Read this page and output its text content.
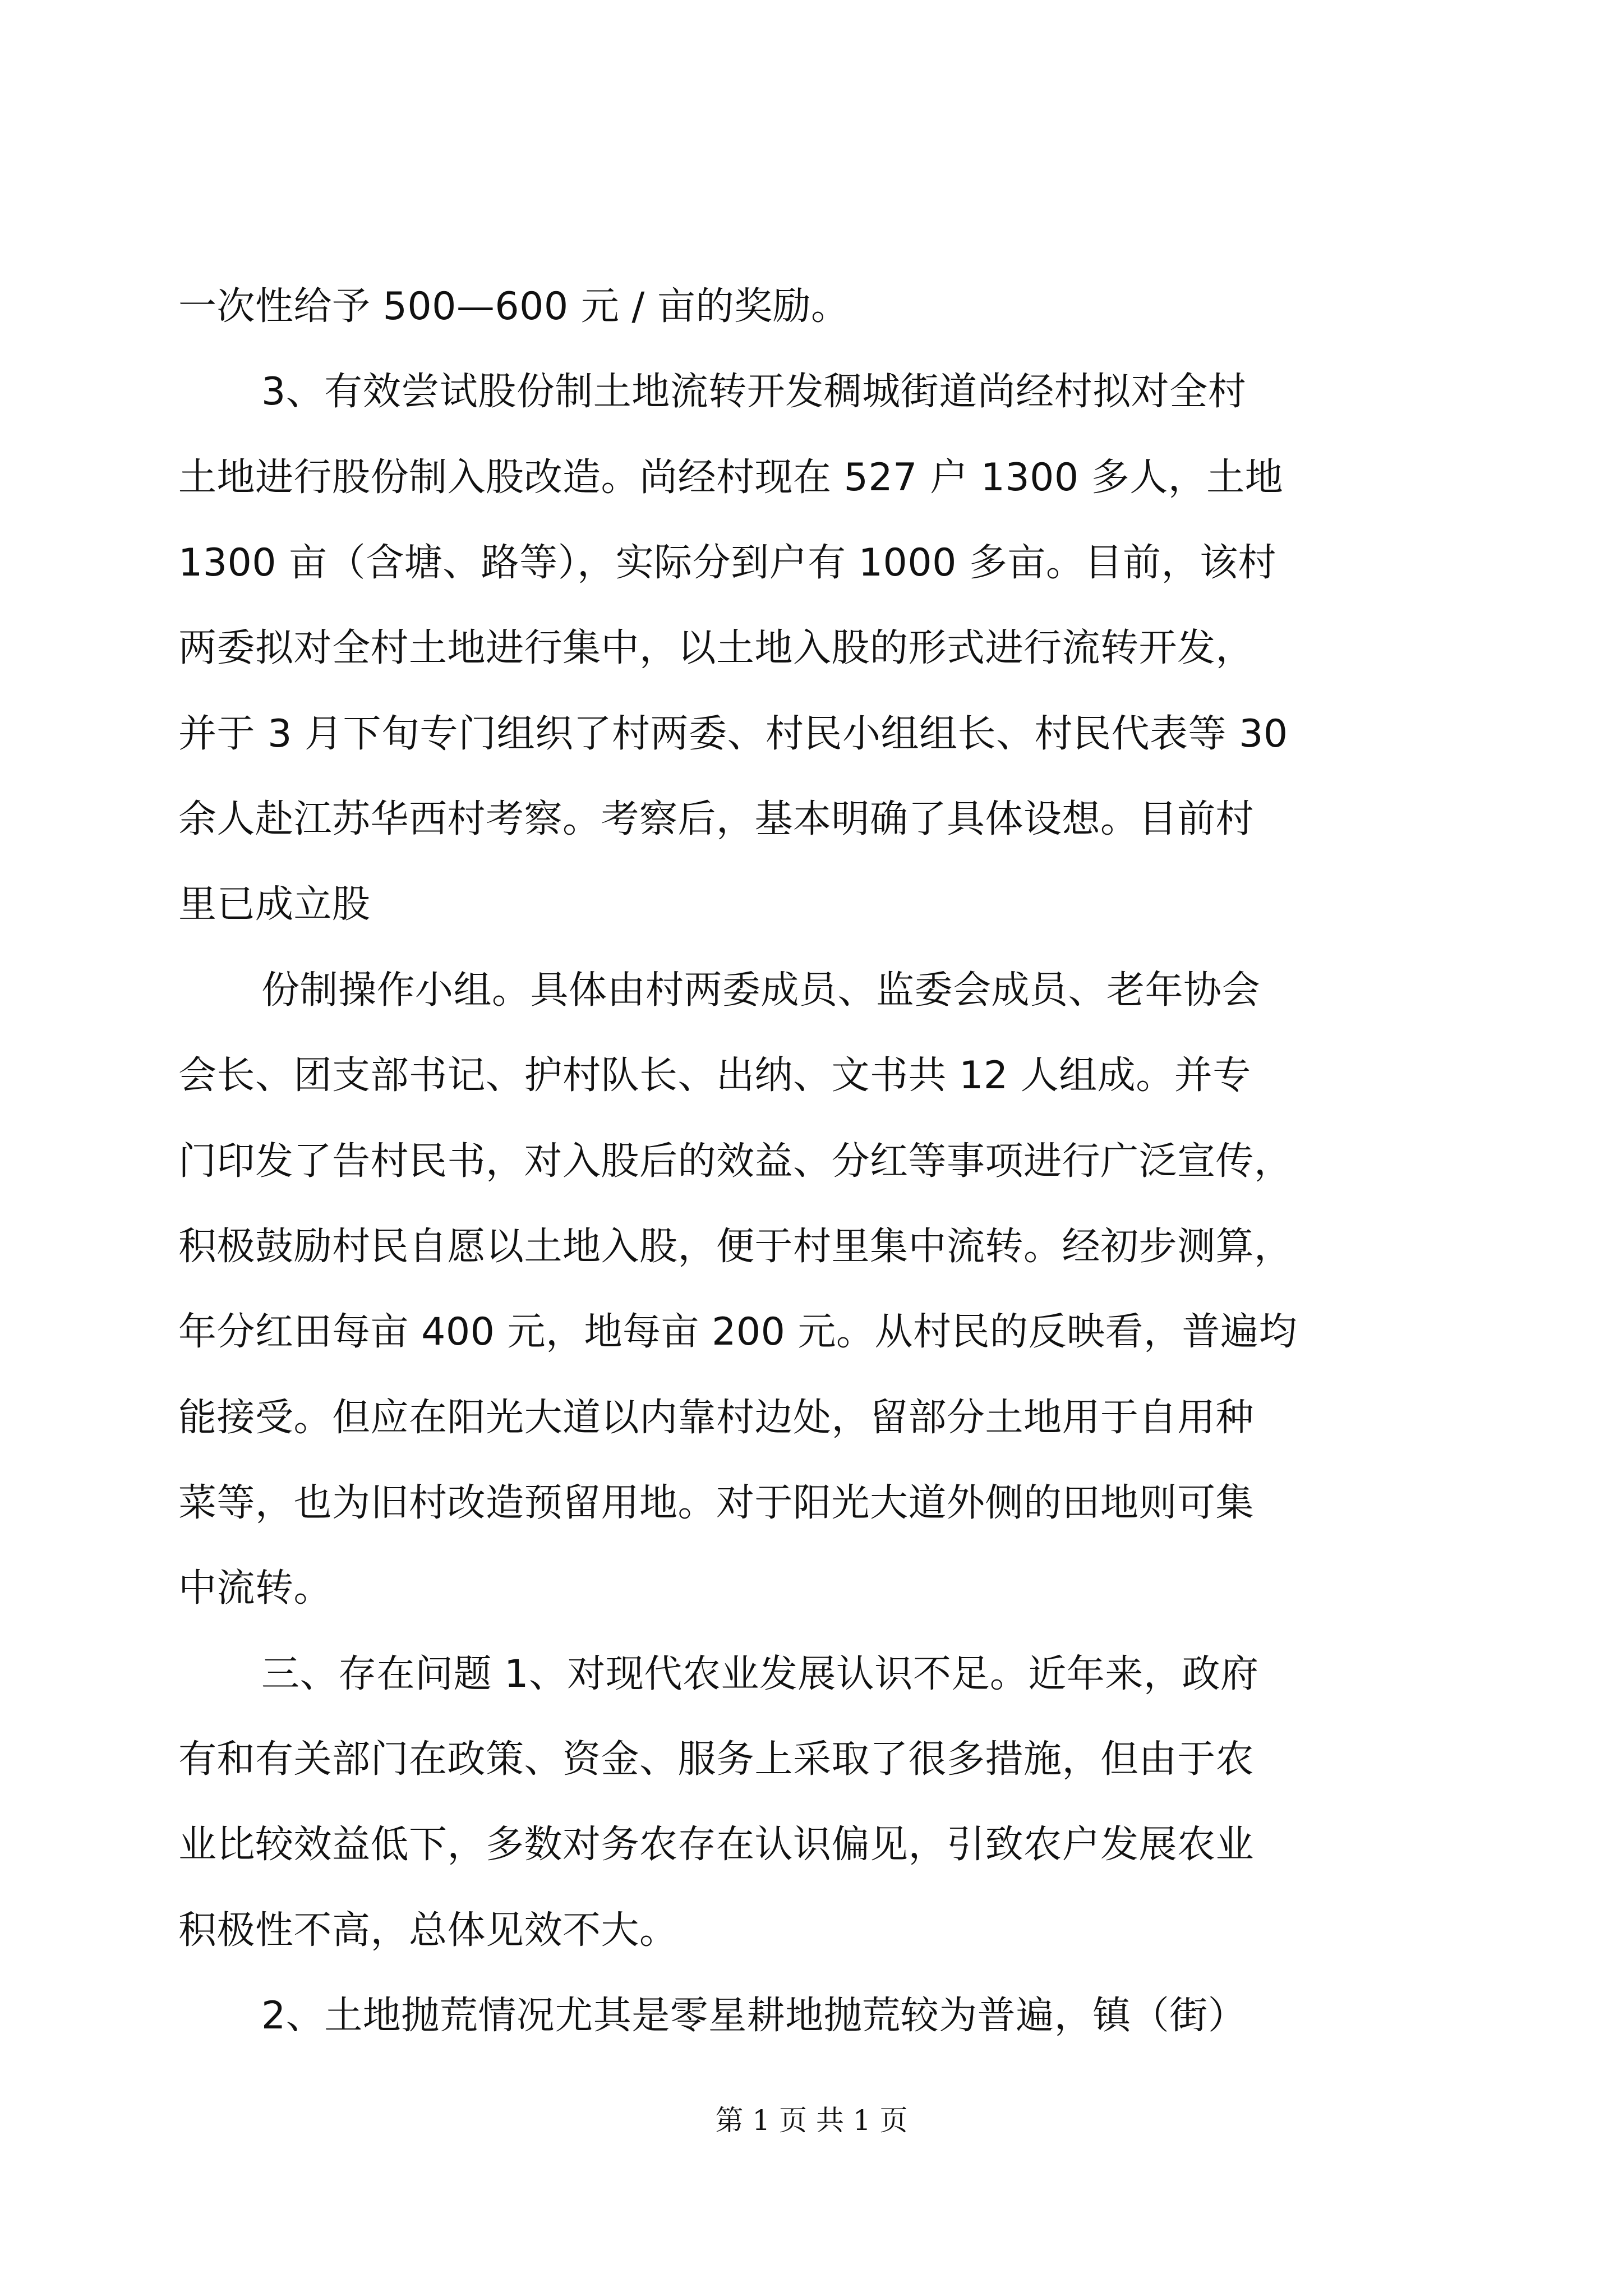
一次性给予 500—600 元 / 亩的奖励。
3、有效尝试股份制土地流转开发稠城街道尚经村拟对全村
土地进行股份制入股改造。尚经村现在 527 户 1300 多人，土地
1300 亩（含塘、路等），实际分到户有 1000 多亩。目前，该村
两委拟对全村土地进行集中，以土地入股的形式进行流转开发，
并于 3 月下旬专门组织了村两委、村民小组组长、村民代表等 30
余人赴江苏华西村考察。考察后，基本明确了具体设想。目前村
里已成立股
份制操作小组。具体由村两委成员、监委会成员、老年协会
会长、团支部书记、护村队长、出纳、文书共 12 人组成。并专
门印发了告村民书，对入股后的效益、分红等事项进行广泛宣传，
积极鼓励村民自愿以土地入股，便于村里集中流转。经初步测算，
年分红田每亩 400 元，地每亩 200 元。从村民的反映看，普遍均
能接受。但应在阳光大道以内靠村边处，留部分土地用于自用种
菜等，也为旧村改造预留用地。对于阳光大道外侧的田地则可集
中流转。
三、存在问题 1、对现代农业发展认识不足。近年来，政府
有和有关部门在政策、资金、服务上采取了很多措施，但由于农
业比较效益低下，多数对务农存在认识偏见，引致农户发展农业
积极性不高，总体见效不大。
2、土地抛荒情况尤其是零星耕地抛荒较为普遍，镇（街）
第 1 页 共 1 页
